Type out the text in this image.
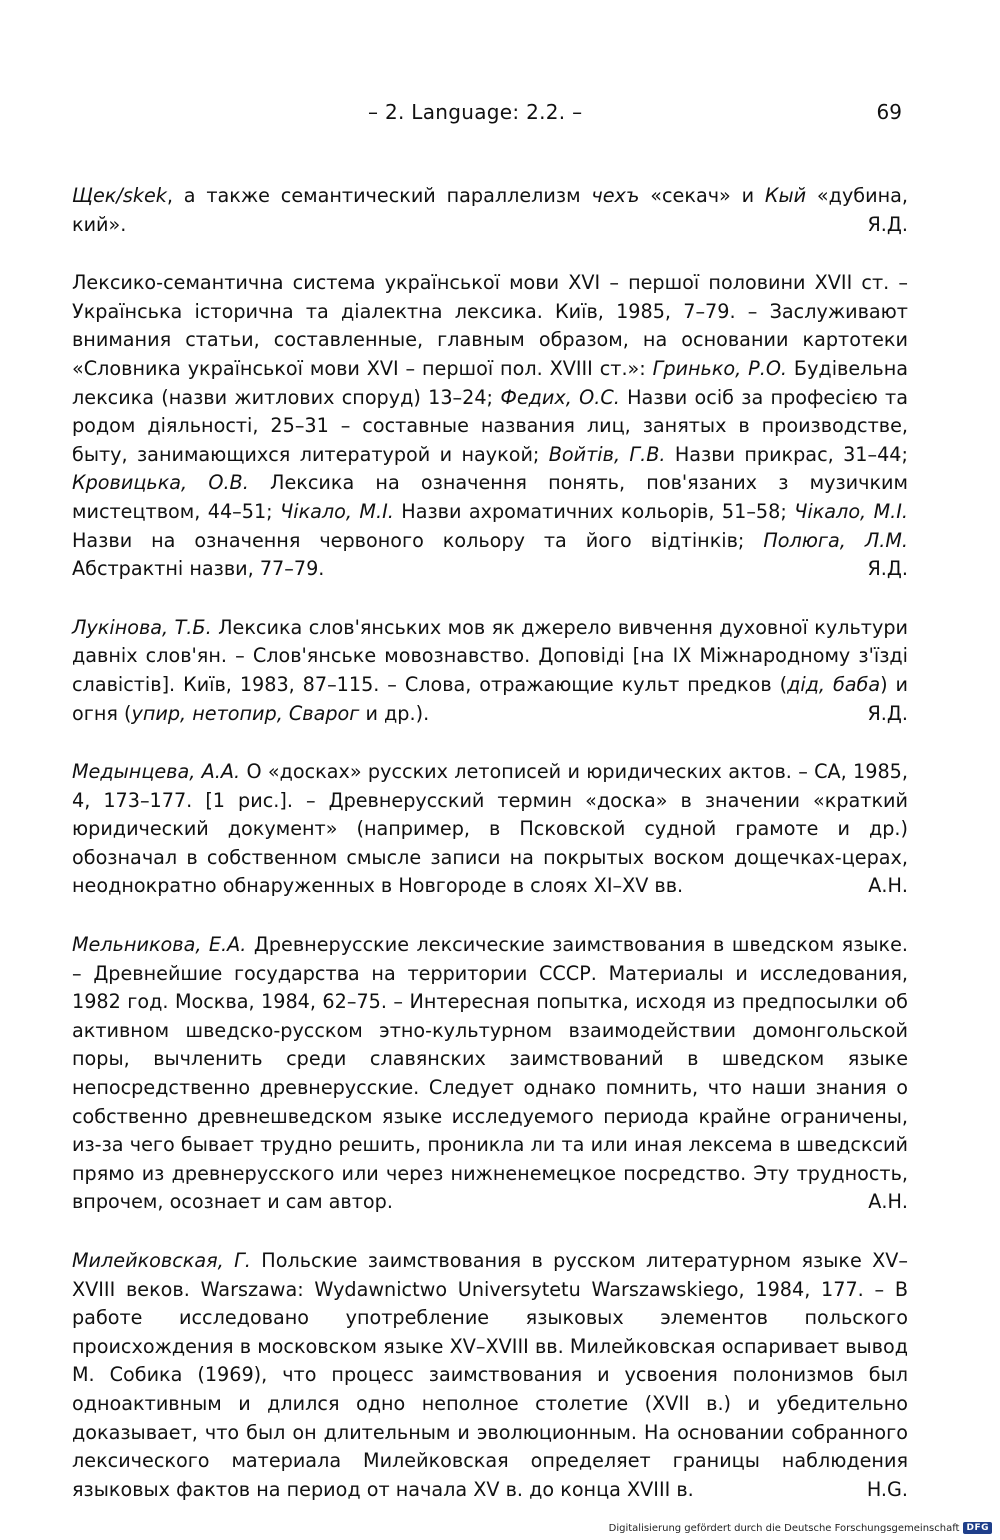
– 2. Language: 2.2. –	69

Щек/skek, а также семантический параллелизм чехъ «секач» и Кый «дубина, кий».	Я.Д.

Лексико-семантична система української мови XVI – першої половини XVII ст. – Українська історична та діалектна лексика. Київ, 1985, 7–79. – Заслуживают внимания статьи, составленные, главным образом, на основании картотеки «Словника української мови XVI – першої пол. XVIII ст.»: Гринько, Р.О. Будівельна лексика (назви житлових споруд) 13–24; Федих, О.С. Назви осіб за професією та родом діяльності, 25–31 – составные названия лиц, занятых в производстве, быту, занимающихся литературой и наукой; Войтів, Г.В. Назви прикрас, 31–44; Кровицька, О.В. Лексика на означення понять, пов'язаних з музичким мистецтвом, 44–51; Чікало, М.І. Назви ахроматичних кольорів, 51–58; Чікало, М.І. Назви на означення червоного кольору та його відтінків; Полюга, Л.М. Абстрактні назви, 77–79.	Я.Д.

Лукінова, Т.Б. Лексика слов'янських мов як джерело вивчення духовної культури давніх слов'ян. – Слов'янське мовознавство. Доповіді [на IX Міжнародному з'їзді славістів]. Київ, 1983, 87–115. – Слова, отражающие культ предков (дід, баба) и огня (упир, нетопир, Сварог и др.).	Я.Д.

Медынцева, А.А. О «досках» русских летописей и юридических актов. – СА, 1985, 4, 173–177. [1 рис.]. – Древнерусский термин «доска» в значении «краткий юридический документ» (например, в Псковской судной грамоте и др.) обозначал в собственном смысле записи на покрытых воском дощечках-церах, неоднократно обнаруженных в Новгороде в слоях XI–XV вв.	А.Н.

Мельникова, Е.А. Древнерусские лексические заимствования в шведском языке. – Древнейшие государства на территории СССР. Материалы и исследования, 1982 год. Москва, 1984, 62–75. – Интересная попытка, исходя из предпосылки об активном шведско-русском этно-культурном взаимодействии домонгольской поры, вычленить среди славянских заимствований в шведском языке непосредственно древнерусские. Следует однако помнить, что наши знания о собственно древнешведском языке исследуемого периода крайне ограничены, из-за чего бывает трудно решить, проникла ли та или иная лексема в шведсксий прямо из древнерусского или через нижненемецкое посредство. Эту трудность, впрочем, осознает и сам автор.	А.Н.

Милейковская, Г. Польские заимствования в русском литературном языке XV–XVIII веков. Warszawa: Wydawnictwo Universytetu Warszawskiego, 1984, 177. – В работе исследовано употребление языковых элементов польского происхождения в московском языке XV–XVIII вв. Милейковская оспаривает вывод М. Собика (1969), что процесс заимствования и усвоения полонизмов был одноактивным и длился одно неполное столетие (XVII в.) и убедительно доказывает, что был он длительным и эволюционным. На основании собранного лексического материала Милейковская определяет границы наблюдения языковых фактов на период от начала XV в. до конца XVIII в.	H.G.

Digitalisierung gefördert durch die Deutsche Forschungsgemeinschaft DFG
